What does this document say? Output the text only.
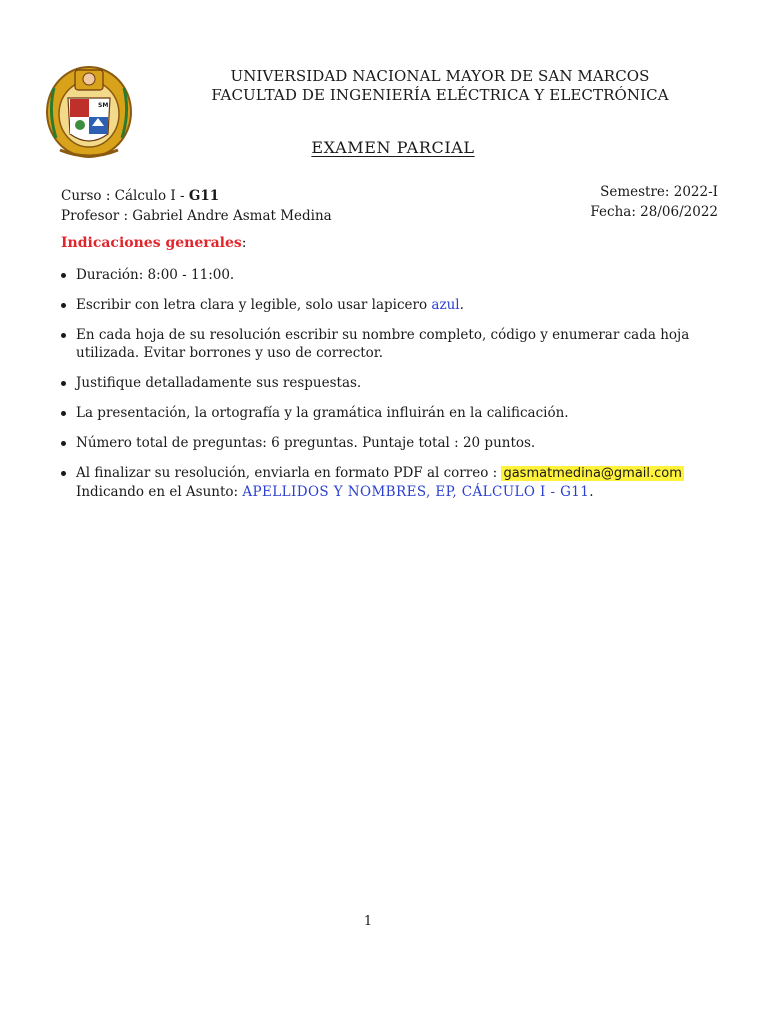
SM
UNIVERSIDAD NACIONAL MAYOR DE SAN MARCOS
FACULTAD DE INGENIERÍA ELÉCTRICA Y ELECTRÓNICA
EXAMEN PARCIAL
Curso : Cálculo I - G11
Profesor : Gabriel Andre Asmat Medina
Semestre: 2022-I
Fecha: 28/06/2022
Indicaciones generales:
Duración: 8:00 - 11:00.
Escribir con letra clara y legible, solo usar lapicero azul.
En cada hoja de su resolución escribir su nombre completo, código y enumerar cada hoja utilizada. Evitar borrones y uso de corrector.
Justifique detalladamente sus respuestas.
La presentación, la ortografía y la gramática influirán en la calificación.
Número total de preguntas: 6 preguntas. Puntaje total : 20 puntos.
Al finalizar su resolución, enviarla en formato PDF al correo : gasmatmedina@gmail.com
Indicando en el Asunto: APELLIDOS Y NOMBRES, EP, CÁLCULO I - G11.
1
